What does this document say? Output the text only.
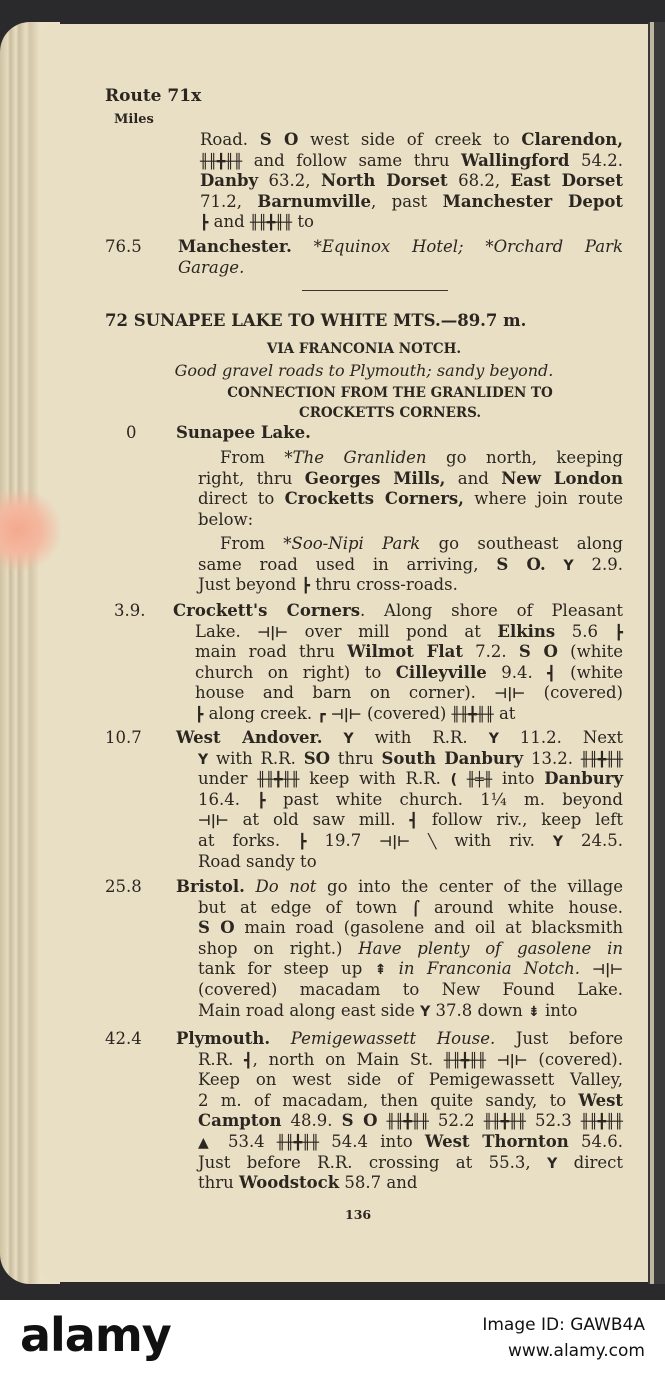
Route 71x
Miles
Road. S O west side of creek to Clarendon,
╫╫╋╫╫ and follow same thru Wallingford 54.2.
Danby 63.2, North Dorset 68.2, East Dorset
71.2, Barnumville, past Manchester Depot
┣ and ╫╫╋╫╫ to
76.5	Manchester. *Equinox Hotel; *Orchard Park
Garage.
72 SUNAPEE LAKE TO WHITE MTS.—89.7 m.
VIA FRANCONIA NOTCH.
Good gravel roads to Plymouth; sandy beyond.
CONNECTION FROM THE GRANLIDEN TO
CROCKETTS CORNERS.
0	Sunapee Lake.
From *The Granliden go north, keeping
right, thru Georges Mills, and New London
direct to Crocketts Corners, where join route
below:
From *Soo-Nipi Park go southeast along
same road used in arriving, S O. Y 2.9.
Just beyond ┣ thru cross-roads.
3.9.	Crockett's Corners. Along shore of Pleasant
Lake. ⊣|⊢ over mill pond at Elkins 5.6 ┣
main road thru Wilmot Flat 7.2. S O (white
church on right) to Cilleyville 9.4. ┫ (white
house and barn on corner). ⊣|⊢ (covered)
┣ along creek. ┏ ⊣|⊢ (covered) ╫╫╋╫╫ at
10.7	West Andover. Y with R.R. Y 11.2. Next
Y with R.R. SO thru South Danbury 13.2. ╫╫╋╫╫
under ╫╫╋╫╫ keep with R.R. ( ╫╪╫ into Danbury
16.4. ┣ past white church. 1¼ m. beyond
⊣|⊢ at old saw mill. ┫ follow riv., keep left
at forks. ┣ 19.7 ⊣|⊢ ╲ with riv. Y 24.5.
Road sandy to
25.8	Bristol. Do not go into the center of the village
but at edge of town ⌠ around white house.
S O main road (gasolene and oil at blacksmith
shop on right.) Have plenty of gasolene in
tank for steep up ⇞ in Franconia Notch. ⊣|⊢
(covered) macadam to New Found Lake.
Main road along east side Y 37.8 down ⇟ into
42.4	Plymouth. Pemigewassett House. Just before
R.R. ┫, north on Main St. ╫╫╋╫╫ ⊣|⊢ (covered).
Keep on west side of Pemigewassett Valley,
2 m. of macadam, then quite sandy, to West
Campton 48.9. S O ╫╫╋╫╫ 52.2 ╫╫╋╫╫ 52.3 ╫╫╋╫╫
▲ 53.4 ╫╫╋╫╫ 54.4 into West Thornton 54.6.
Just before R.R. crossing at 55.3, Y direct
thru Woodstock 58.7 and
136
alamy	Image ID: GAWB4A
www.alamy.com
